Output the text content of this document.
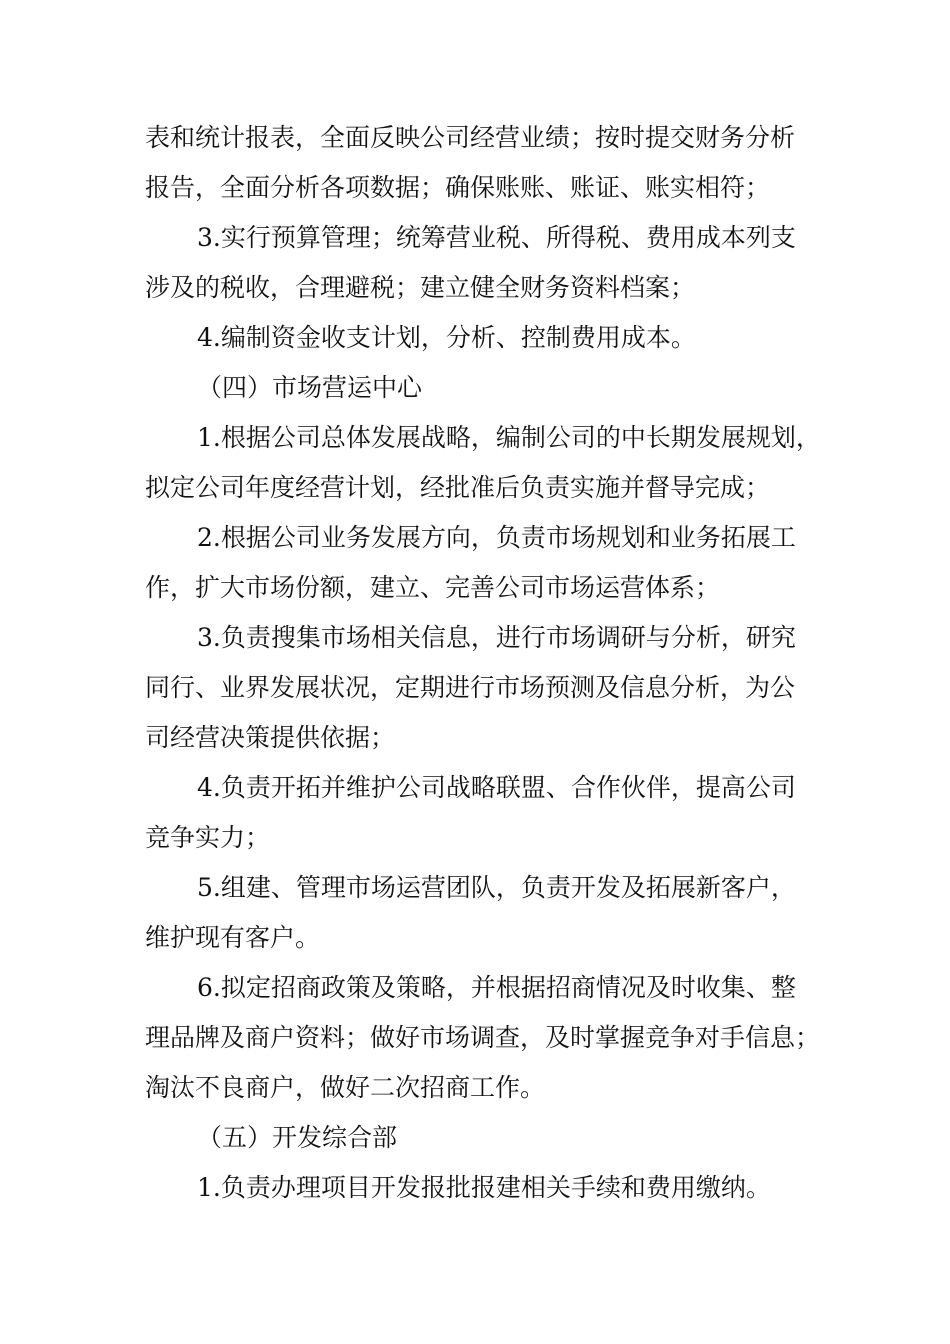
表和统计报表，全面反映公司经营业绩；按时提交财务分析
报告，全面分析各项数据；确保账账、账证、账实相符；
3.实行预算管理；统筹营业税、所得税、费用成本列支
涉及的税收，合理避税；建立健全财务资料档案；
4.编制资金收支计划，分析、控制费用成本。
（四）市场营运中心
1.根据公司总体发展战略，编制公司的中长期发展规划，
拟定公司年度经营计划，经批准后负责实施并督导完成；
2.根据公司业务发展方向，负责市场规划和业务拓展工
作，扩大市场份额，建立、完善公司市场运营体系；
3.负责搜集市场相关信息，进行市场调研与分析，研究
同行、业界发展状况，定期进行市场预测及信息分析，为公
司经营决策提供依据；
4.负责开拓并维护公司战略联盟、合作伙伴，提高公司
竞争实力；
5.组建、管理市场运营团队，负责开发及拓展新客户，
维护现有客户。
6.拟定招商政策及策略，并根据招商情况及时收集、整
理品牌及商户资料；做好市场调查，及时掌握竞争对手信息；
淘汰不良商户，做好二次招商工作。
（五）开发综合部
1.负责办理项目开发报批报建相关手续和费用缴纳。
